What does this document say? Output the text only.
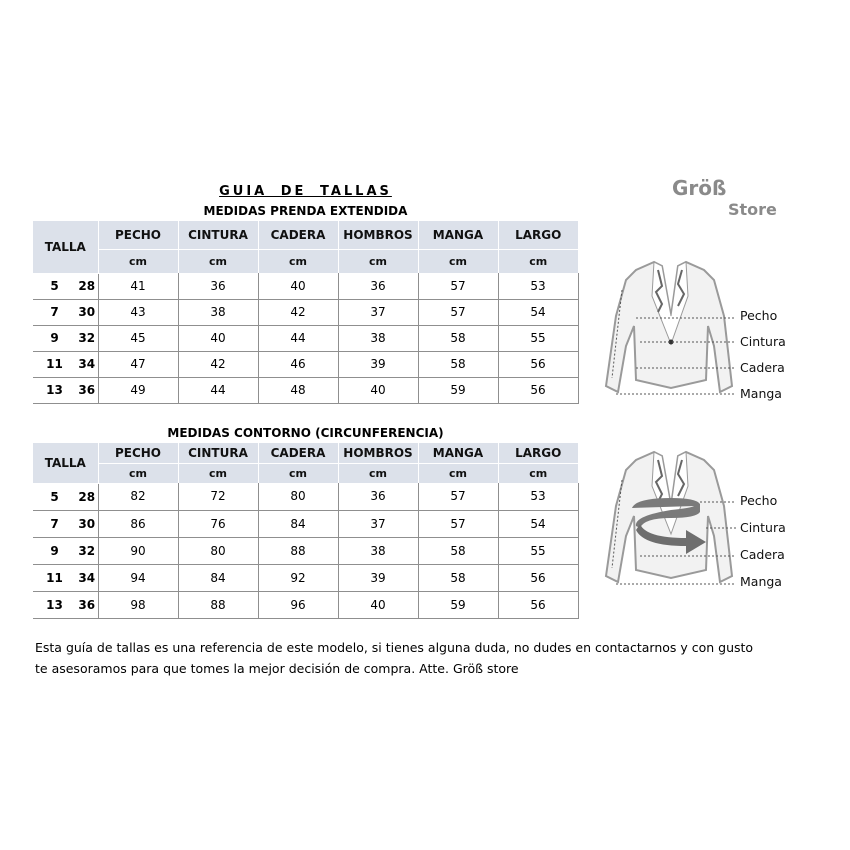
GUIA DE TALLAS	Größ
Store
MEDIDAS PRENDA EXTENDIDA
TALLA		PECHO	CINTURA	CADERA	HOMBROS	MANGA	LARGO
		cm	cm	cm	cm	cm	cm
5	28	41	36	40	36	57	53
7	30	43	38	42	37	57	54
9	32	45	40	44	38	58	55
11	34	47	42	46	39	58	56
13	36	49	44	48	40	59	56
MEDIDAS CONTORNO (CIRCUNFERENCIA)
TALLA		PECHO	CINTURA	CADERA	HOMBROS	MANGA	LARGO
		cm	cm	cm	cm	cm	cm
5	28	82	72	80	36	57	53
7	30	86	76	84	37	57	54
9	32	90	80	88	38	58	55
11	34	94	84	92	39	58	56
13	36	98	88	96	40	59	56
Pecho
Cintura
Cadera
Manga
Pecho
Cintura
Cadera
Manga
Esta guía de tallas es una referencia de este modelo, si tienes alguna duda, no dudes en contactarnos y con gusto
te asesoramos para que tomes la mejor decisión de compra. Atte. Größ store
